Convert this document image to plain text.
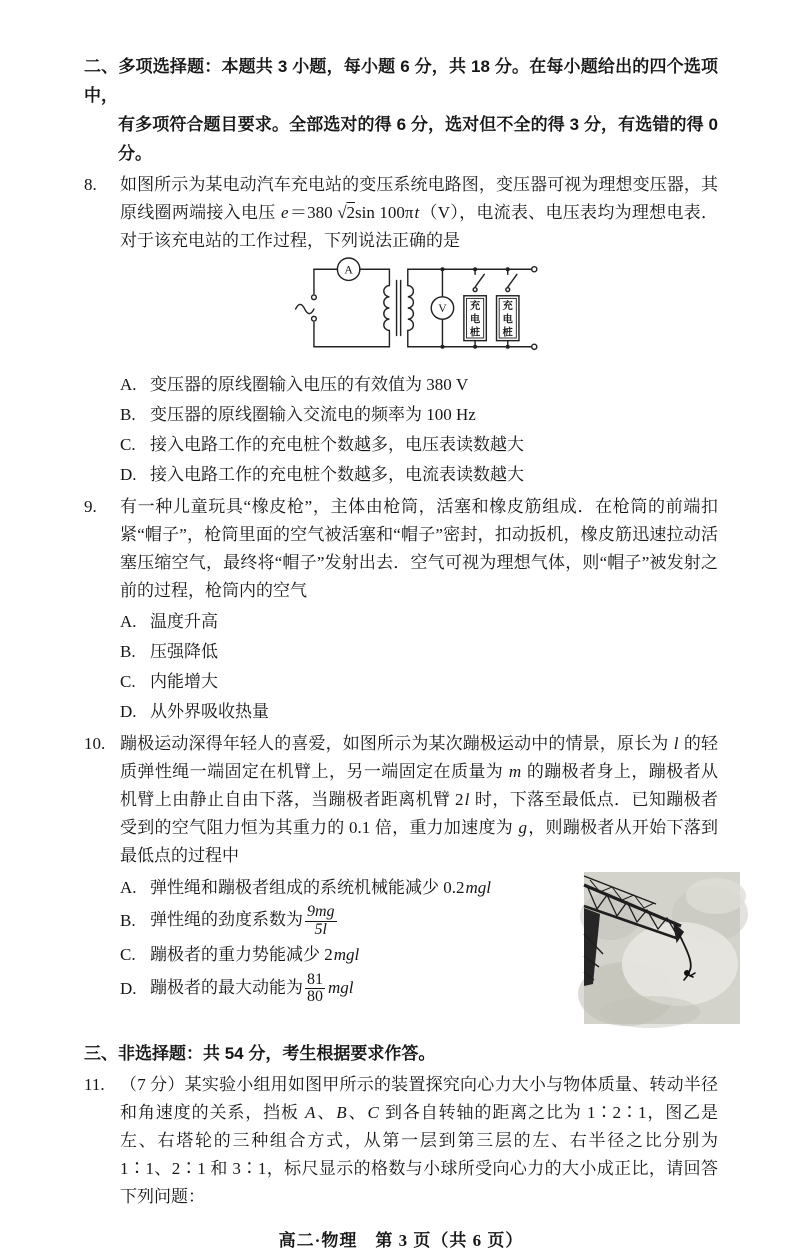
二、多项选择题：本题共 3 小题，每小题 6 分，共 18 分。在每小题给出的四个选项中，
有多项符合题目要求。全部选对的得 6 分，选对但不全的得 3 分，有选错的得 0 分。
8.	如图所示为某电动汽车充电站的变压系统电路图，变压器可视为理想变压器，其原线圈两端接入电压 e＝380 √2sin 100πt（V），电流表、电压表均为理想电表．对于该充电站的工作过程，下列说法正确的是

A
V 充
电
桩
充
电
桩
A. 变压器的原线圈输入电压的有效值为 380 V
B. 变压器的原线圈输入交流电的频率为 100 Hz
C. 接入电路工作的充电桩个数越多，电压表读数越大
D. 接入电路工作的充电桩个数越多，电流表读数越大
9.	有一种儿童玩具“橡皮枪”，主体由枪筒，活塞和橡皮筋组成．在枪筒的前端扣紧“帽子”，枪筒里面的空气被活塞和“帽子”密封，扣动扳机，橡皮筋迅速拉动活塞压缩空气，最终将“帽子”发射出去．空气可视为理想气体，则“帽子”被发射之前的过程，枪筒内的空气

A. 温度升高
B. 压强降低
C. 内能增大
D. 从外界吸收热量
10. 蹦极运动深得年轻人的喜爱，如图所示为某次蹦极运动中的情景，原长为 l 的轻质弹性绳一端固定在机臂上，另一端固定在质量为 m 的蹦极者身上，蹦极者从机臂上由静止自由下落，当蹦极者距离机臂 2l 时，下落至最低点．已知蹦极者受到的空气阻力恒为其重力的 0.1 倍，重力加速度为 g，则蹦极者从开始下落到最低点的过程中

A. 弹性绳和蹦极者组成的系统机械能减少 0.2mgl
B. 弹性绳的劲度系数为 $\frac{9mg}{5l}$
C. 蹦极者的重力势能减少 2mgl
D. 蹦极者的最大动能为 $\frac{81}{80}$ mgl
三、非选择题：共 54 分，考生根据要求作答。
11. （7 分）某实验小组用如图甲所示的装置探究向心力大小与物体质量、转动半径和角速度的关系，挡板 A、B、C 到各自转轴的距离之比为 1∶2∶1，图乙是左、右塔轮的三种组合方式，从第一层到第三层的左、右半径之比分别为 1∶1、2∶1 和 3∶1，标尺显示的格数与小球所受向心力的大小成正比，请回答下列问题：

高二·物理　第 3 页（共 6 页）
